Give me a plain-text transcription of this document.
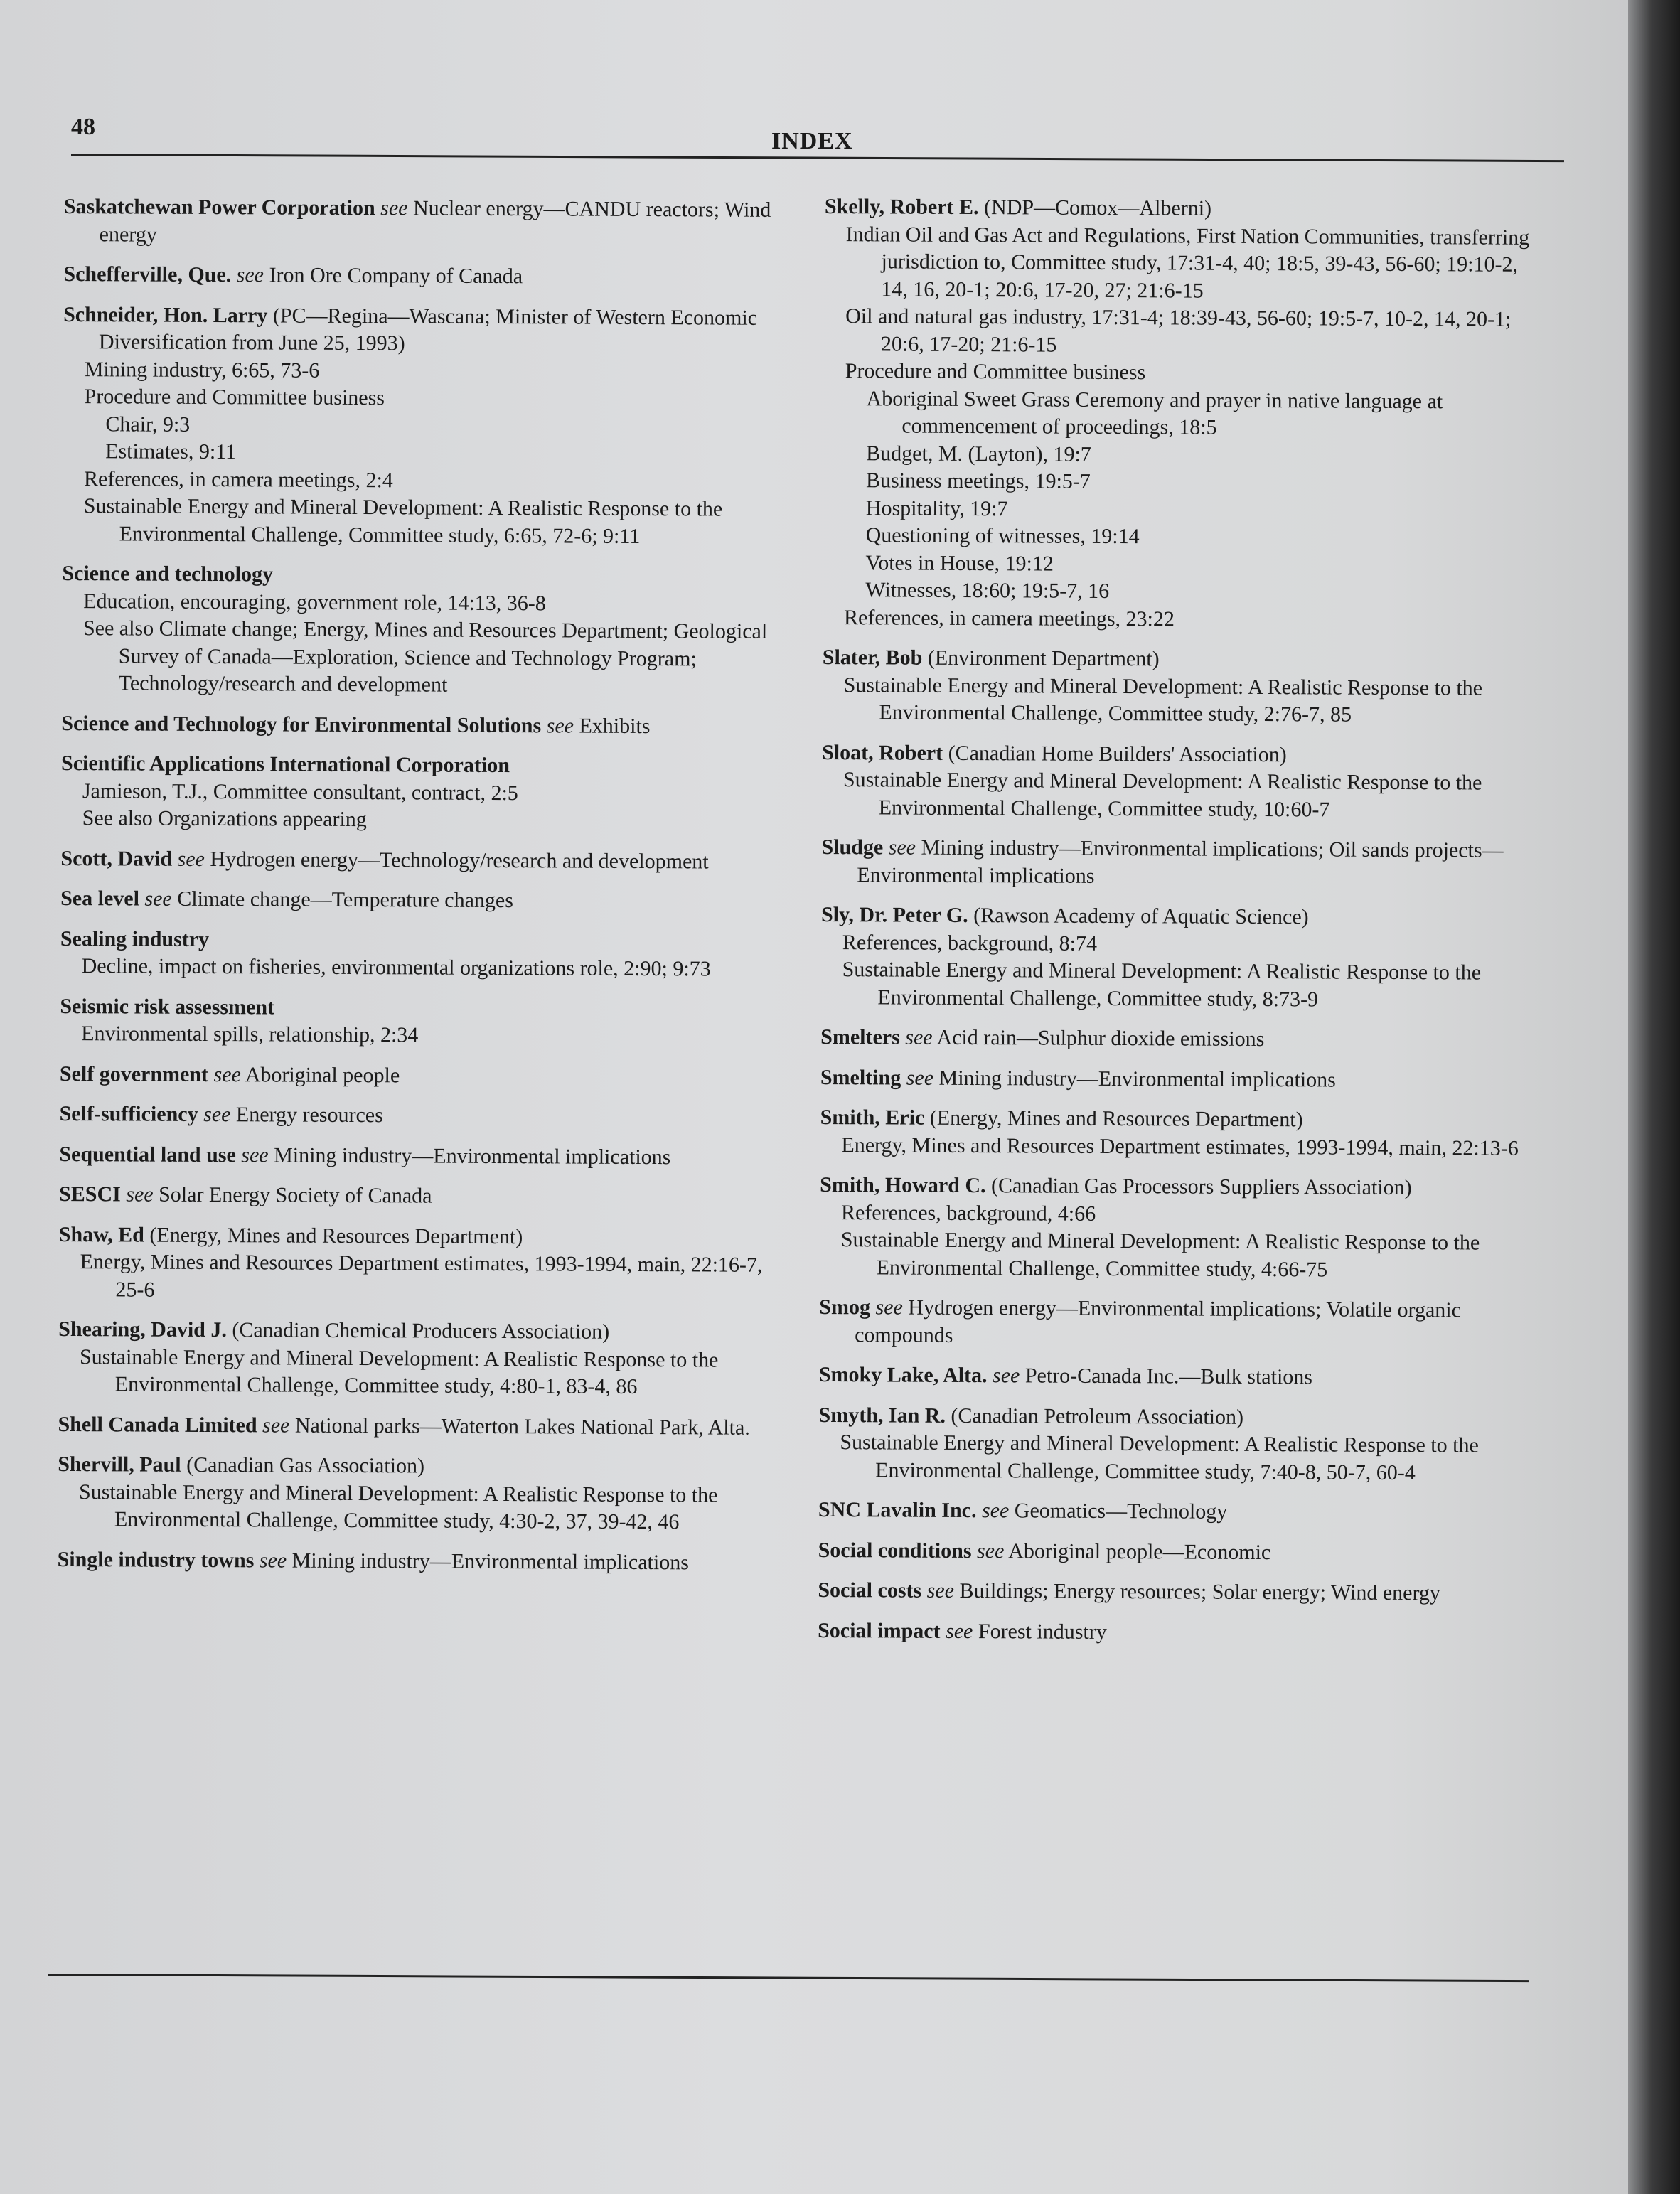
48
INDEX
Saskatchewan Power Corporation see Nuclear energy—CANDU reactors; Wind energy
Schefferville, Que. see Iron Ore Company of Canada
Schneider, Hon. Larry (PC—Regina—Wascana; Minister of Western Economic Diversification from June 25, 1993)
Mining industry, 6:65, 73-6
Procedure and Committee business
Chair, 9:3
Estimates, 9:11
References, in camera meetings, 2:4
Sustainable Energy and Mineral Development: A Realistic Response to the Environmental Challenge, Committee study, 6:65, 72-6; 9:11
Science and technology
Education, encouraging, government role, 14:13, 36-8
See also Climate change; Energy, Mines and Resources Department; Geological Survey of Canada—Exploration, Science and Technology Program; Technology/research and development
Science and Technology for Environmental Solutions see Exhibits
Scientific Applications International Corporation
Jamieson, T.J., Committee consultant, contract, 2:5
See also Organizations appearing
Scott, David see Hydrogen energy—Technology/research and development
Sea level see Climate change—Temperature changes
Sealing industry
Decline, impact on fisheries, environmental organizations role, 2:90; 9:73
Seismic risk assessment
Environmental spills, relationship, 2:34
Self government see Aboriginal people
Self-sufficiency see Energy resources
Sequential land use see Mining industry—Environmental implications
SESCI see Solar Energy Society of Canada
Shaw, Ed (Energy, Mines and Resources Department)
Energy, Mines and Resources Department estimates, 1993-1994, main, 22:16-7, 25-6
Shearing, David J. (Canadian Chemical Producers Association)
Sustainable Energy and Mineral Development: A Realistic Response to the Environmental Challenge, Committee study, 4:80-1, 83-4, 86
Shell Canada Limited see National parks—Waterton Lakes National Park, Alta.
Shervill, Paul (Canadian Gas Association)
Sustainable Energy and Mineral Development: A Realistic Response to the Environmental Challenge, Committee study, 4:30-2, 37, 39-42, 46
Single industry towns see Mining industry—Environmental implications
Skelly, Robert E. (NDP—Comox—Alberni)
Indian Oil and Gas Act and Regulations, First Nation Communities, transferring jurisdiction to, Committee study, 17:31-4, 40; 18:5, 39-43, 56-60; 19:10-2, 14, 16, 20-1; 20:6, 17-20, 27; 21:6-15
Oil and natural gas industry, 17:31-4; 18:39-43, 56-60; 19:5-7, 10-2, 14, 20-1; 20:6, 17-20; 21:6-15
Procedure and Committee business
Aboriginal Sweet Grass Ceremony and prayer in native language at commencement of proceedings, 18:5
Budget, M. (Layton), 19:7
Business meetings, 19:5-7
Hospitality, 19:7
Questioning of witnesses, 19:14
Votes in House, 19:12
Witnesses, 18:60; 19:5-7, 16
References, in camera meetings, 23:22
Slater, Bob (Environment Department)
Sustainable Energy and Mineral Development: A Realistic Response to the Environmental Challenge, Committee study, 2:76-7, 85
Sloat, Robert (Canadian Home Builders' Association)
Sustainable Energy and Mineral Development: A Realistic Response to the Environmental Challenge, Committee study, 10:60-7
Sludge see Mining industry—Environmental implications; Oil sands projects—Environmental implications
Sly, Dr. Peter G. (Rawson Academy of Aquatic Science)
References, background, 8:74
Sustainable Energy and Mineral Development: A Realistic Response to the Environmental Challenge, Committee study, 8:73-9
Smelters see Acid rain—Sulphur dioxide emissions
Smelting see Mining industry—Environmental implications
Smith, Eric (Energy, Mines and Resources Department)
Energy, Mines and Resources Department estimates, 1993-1994, main, 22:13-6
Smith, Howard C. (Canadian Gas Processors Suppliers Association)
References, background, 4:66
Sustainable Energy and Mineral Development: A Realistic Response to the Environmental Challenge, Committee study, 4:66-75
Smog see Hydrogen energy—Environmental implications; Volatile organic compounds
Smoky Lake, Alta. see Petro-Canada Inc.—Bulk stations
Smyth, Ian R. (Canadian Petroleum Association)
Sustainable Energy and Mineral Development: A Realistic Response to the Environmental Challenge, Committee study, 7:40-8, 50-7, 60-4
SNC Lavalin Inc. see Geomatics—Technology
Social conditions see Aboriginal people—Economic
Social costs see Buildings; Energy resources; Solar energy; Wind energy
Social impact see Forest industry
